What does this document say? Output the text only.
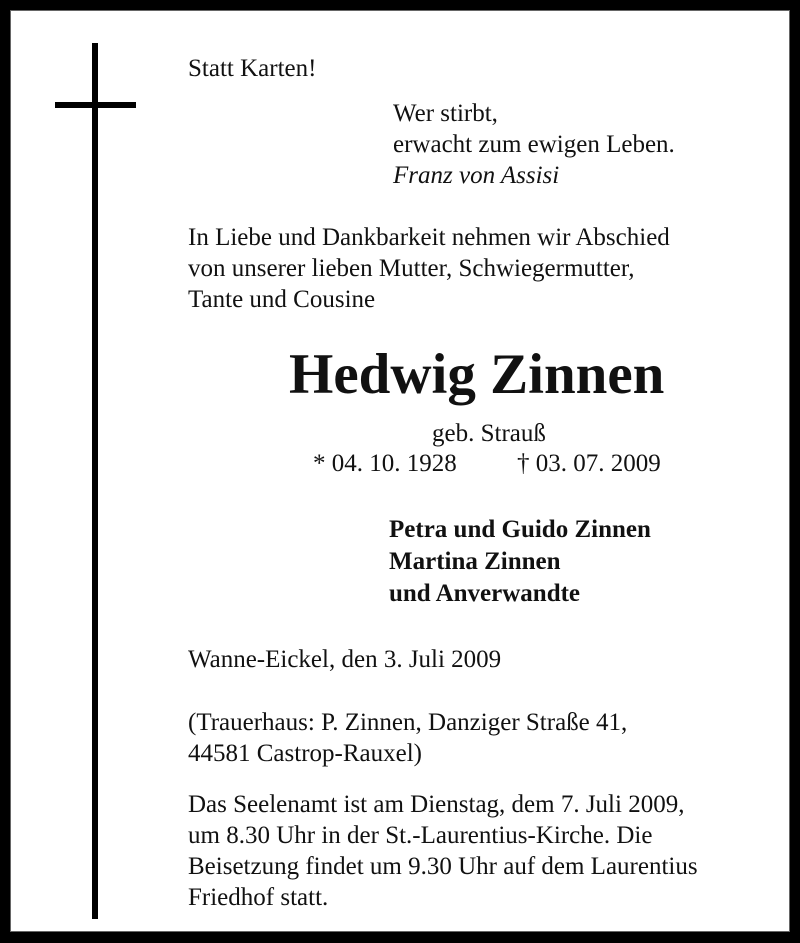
Statt Karten!
Wer stirbt,
erwacht zum ewigen Leben.
Franz von Assisi
In Liebe und Dankbarkeit nehmen wir Abschied
von unserer lieben Mutter, Schwiegermutter,
Tante und Cousine
Hedwig Zinnen
geb. Strauß
* 04. 10. 1928 † 03. 07. 2009
Petra und Guido Zinnen
Martina Zinnen
und Anverwandte
Wanne-Eickel, den 3. Juli 2009
(Trauerhaus: P. Zinnen, Danziger Straße 41,
44581 Castrop-Rauxel)
Das Seelenamt ist am Dienstag, dem 7. Juli 2009,
um 8.30 Uhr in der St.-Laurentius-Kirche. Die
Beisetzung findet um 9.30 Uhr auf dem Laurentius
Friedhof statt.
